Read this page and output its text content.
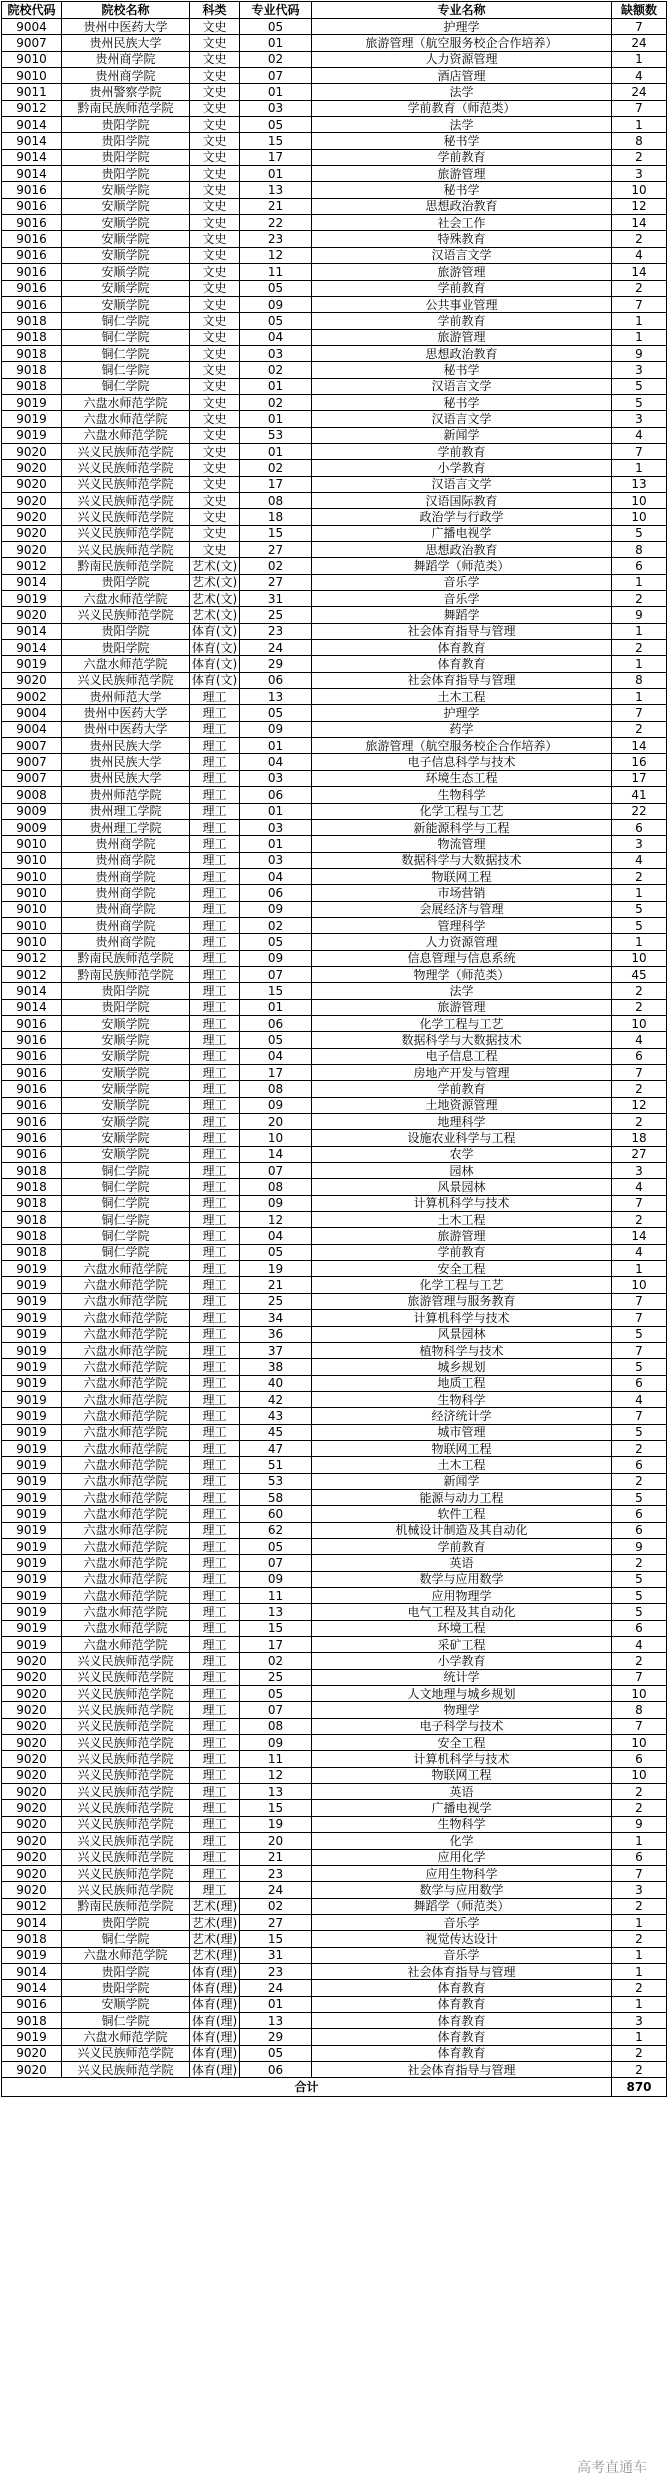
院校代码	院校名称	科类	专业代码	专业名称	缺额数
9004	贵州中医药大学	文史	05	护理学	7
9007	贵州民族大学	文史	01	旅游管理（航空服务校企合作培养）	24
9010	贵州商学院	文史	02	人力资源管理	1
9010	贵州商学院	文史	07	酒店管理	4
9011	贵州警察学院	文史	01	法学	24
9012	黔南民族师范学院	文史	03	学前教育（师范类）	7
9014	贵阳学院	文史	05	法学	1
9014	贵阳学院	文史	15	秘书学	8
9014	贵阳学院	文史	17	学前教育	2
9014	贵阳学院	文史	01	旅游管理	3
9016	安顺学院	文史	13	秘书学	10
9016	安顺学院	文史	21	思想政治教育	12
9016	安顺学院	文史	22	社会工作	14
9016	安顺学院	文史	23	特殊教育	2
9016	安顺学院	文史	12	汉语言文学	4
9016	安顺学院	文史	11	旅游管理	14
9016	安顺学院	文史	05	学前教育	2
9016	安顺学院	文史	09	公共事业管理	7
9018	铜仁学院	文史	05	学前教育	1
9018	铜仁学院	文史	04	旅游管理	1
9018	铜仁学院	文史	03	思想政治教育	9
9018	铜仁学院	文史	02	秘书学	3
9018	铜仁学院	文史	01	汉语言文学	5
9019	六盘水师范学院	文史	02	秘书学	5
9019	六盘水师范学院	文史	01	汉语言文学	3
9019	六盘水师范学院	文史	53	新闻学	4
9020	兴义民族师范学院	文史	01	学前教育	7
9020	兴义民族师范学院	文史	02	小学教育	1
9020	兴义民族师范学院	文史	17	汉语言文学	13
9020	兴义民族师范学院	文史	08	汉语国际教育	10
9020	兴义民族师范学院	文史	18	政治学与行政学	10
9020	兴义民族师范学院	文史	15	广播电视学	5
9020	兴义民族师范学院	文史	27	思想政治教育	8
9012	黔南民族师范学院	艺术(文)	02	舞蹈学（师范类）	6
9014	贵阳学院	艺术(文)	27	音乐学	1
9019	六盘水师范学院	艺术(文)	31	音乐学	2
9020	兴义民族师范学院	艺术(文)	25	舞蹈学	9
9014	贵阳学院	体育(文)	23	社会体育指导与管理	1
9014	贵阳学院	体育(文)	24	体育教育	2
9019	六盘水师范学院	体育(文)	29	体育教育	1
9020	兴义民族师范学院	体育(文)	06	社会体育指导与管理	8
9002	贵州师范大学	理工	13	土木工程	1
9004	贵州中医药大学	理工	05	护理学	7
9004	贵州中医药大学	理工	09	药学	2
9007	贵州民族大学	理工	01	旅游管理（航空服务校企合作培养）	14
9007	贵州民族大学	理工	04	电子信息科学与技术	16
9007	贵州民族大学	理工	03	环境生态工程	17
9008	贵州师范学院	理工	06	生物科学	41
9009	贵州理工学院	理工	01	化学工程与工艺	22
9009	贵州理工学院	理工	03	新能源科学与工程	6
9010	贵州商学院	理工	01	物流管理	3
9010	贵州商学院	理工	03	数据科学与大数据技术	4
9010	贵州商学院	理工	04	物联网工程	2
9010	贵州商学院	理工	06	市场营销	1
9010	贵州商学院	理工	09	会展经济与管理	5
9010	贵州商学院	理工	02	管理科学	5
9010	贵州商学院	理工	05	人力资源管理	1
9012	黔南民族师范学院	理工	09	信息管理与信息系统	10
9012	黔南民族师范学院	理工	07	物理学（师范类）	45
9014	贵阳学院	理工	15	法学	2
9014	贵阳学院	理工	01	旅游管理	2
9016	安顺学院	理工	06	化学工程与工艺	10
9016	安顺学院	理工	05	数据科学与大数据技术	4
9016	安顺学院	理工	04	电子信息工程	6
9016	安顺学院	理工	17	房地产开发与管理	7
9016	安顺学院	理工	08	学前教育	2
9016	安顺学院	理工	09	土地资源管理	12
9016	安顺学院	理工	20	地理科学	2
9016	安顺学院	理工	10	设施农业科学与工程	18
9016	安顺学院	理工	14	农学	27
9018	铜仁学院	理工	07	园林	3
9018	铜仁学院	理工	08	风景园林	4
9018	铜仁学院	理工	09	计算机科学与技术	7
9018	铜仁学院	理工	12	土木工程	2
9018	铜仁学院	理工	04	旅游管理	14
9018	铜仁学院	理工	05	学前教育	4
9019	六盘水师范学院	理工	19	安全工程	1
9019	六盘水师范学院	理工	21	化学工程与工艺	10
9019	六盘水师范学院	理工	25	旅游管理与服务教育	7
9019	六盘水师范学院	理工	34	计算机科学与技术	7
9019	六盘水师范学院	理工	36	风景园林	5
9019	六盘水师范学院	理工	37	植物科学与技术	7
9019	六盘水师范学院	理工	38	城乡规划	5
9019	六盘水师范学院	理工	40	地质工程	6
9019	六盘水师范学院	理工	42	生物科学	4
9019	六盘水师范学院	理工	43	经济统计学	7
9019	六盘水师范学院	理工	45	城市管理	5
9019	六盘水师范学院	理工	47	物联网工程	2
9019	六盘水师范学院	理工	51	土木工程	6
9019	六盘水师范学院	理工	53	新闻学	2
9019	六盘水师范学院	理工	58	能源与动力工程	5
9019	六盘水师范学院	理工	60	软件工程	6
9019	六盘水师范学院	理工	62	机械设计制造及其自动化	6
9019	六盘水师范学院	理工	05	学前教育	9
9019	六盘水师范学院	理工	07	英语	2
9019	六盘水师范学院	理工	09	数学与应用数学	5
9019	六盘水师范学院	理工	11	应用物理学	5
9019	六盘水师范学院	理工	13	电气工程及其自动化	5
9019	六盘水师范学院	理工	15	环境工程	6
9019	六盘水师范学院	理工	17	采矿工程	4
9020	兴义民族师范学院	理工	02	小学教育	2
9020	兴义民族师范学院	理工	25	统计学	7
9020	兴义民族师范学院	理工	05	人文地理与城乡规划	10
9020	兴义民族师范学院	理工	07	物理学	8
9020	兴义民族师范学院	理工	08	电子科学与技术	7
9020	兴义民族师范学院	理工	09	安全工程	10
9020	兴义民族师范学院	理工	11	计算机科学与技术	6
9020	兴义民族师范学院	理工	12	物联网工程	10
9020	兴义民族师范学院	理工	13	英语	2
9020	兴义民族师范学院	理工	15	广播电视学	2
9020	兴义民族师范学院	理工	19	生物科学	9
9020	兴义民族师范学院	理工	20	化学	1
9020	兴义民族师范学院	理工	21	应用化学	6
9020	兴义民族师范学院	理工	23	应用生物科学	7
9020	兴义民族师范学院	理工	24	数学与应用数学	3
9012	黔南民族师范学院	艺术(理)	02	舞蹈学（师范类）	2
9014	贵阳学院	艺术(理)	27	音乐学	1
9018	铜仁学院	艺术(理)	15	视觉传达设计	2
9019	六盘水师范学院	艺术(理)	31	音乐学	1
9014	贵阳学院	体育(理)	23	社会体育指导与管理	1
9014	贵阳学院	体育(理)	24	体育教育	2
9016	安顺学院	体育(理)	01	体育教育	1
9018	铜仁学院	体育(理)	13	体育教育	3
9019	六盘水师范学院	体育(理)	29	体育教育	1
9020	兴义民族师范学院	体育(理)	05	体育教育	2
9020	兴义民族师范学院	体育(理)	06	社会体育指导与管理	2
合计					870
高考直通车
